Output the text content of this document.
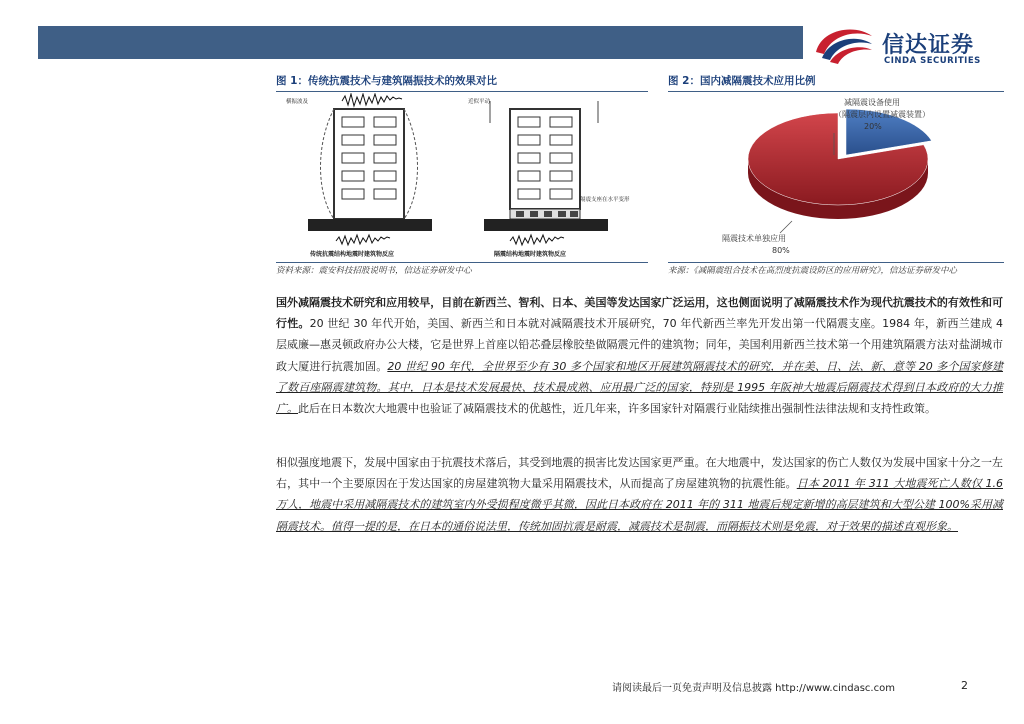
信达证券
CINDA SECURITIES
图 1：传统抗震技术与建筑隔振技术的效果对比
横振波及
传统抗震结构地震时建筑物反应
近似平动
隔震支座在水平变形
隔震结构地震时建筑物反应
资料来源：震安科技招股说明书，信达证券研发中心
图 2：国内减隔震技术应用比例
减隔震设备使用
（隔震层内设置减震装置）
20%
隔震技术单独应用
80%
来源：《减隔震组合技术在高烈度抗震设防区的应用研究》，信达证券研发中心
国外减隔震技术研究和应用较早，目前在新西兰、智利、日本、美国等发达国家广泛运用，这也侧面说明了减隔震技术作为现代抗震技术的有效性和可行性。20 世纪 30 年代开始，美国、新西兰和日本就对减隔震技术开展研究，70 年代新西兰率先开发出第一代隔震支座。1984 年，新西兰建成 4 层威廉—惠灵顿政府办公大楼，它是世界上首座以铅芯叠层橡胶垫做隔震元件的建筑物；同年，美国利用新西兰技术第一个用建筑隔震方法对盐湖城市政大厦进行抗震加固。20 世纪 90 年代，全世界至少有 30 多个国家和地区开展建筑隔震技术的研究，并在美、日、法、新、意等 20 多个国家修建了数百座隔震建筑物。其中，日本是技术发展最快、技术最成熟、应用最广泛的国家，特别是 1995 年阪神大地震后隔震技术得到日本政府的大力推广。此后在日本数次大地震中也验证了减隔震技术的优越性，近几年来，许多国家针对隔震行业陆续推出强制性法律法规和支持性政策。
相似强度地震下，发展中国家由于抗震技术落后，其受到地震的损害比发达国家更严重。在大地震中，发达国家的伤亡人数仅为发展中国家十分之一左右，其中一个主要原因在于发达国家的房屋建筑物大量采用隔震技术，从而提高了房屋建筑物的抗震性能。日本 2011 年 311 大地震死亡人数仅 1.6 万人，地震中采用减隔震技术的建筑室内外受损程度微乎其微，因此日本政府在 2011 年的 311 地震后规定新增的高层建筑和大型公建 100%采用减隔震技术。值得一提的是，在日本的通俗说法里，传统加固抗震是耐震，减震技术是制震，而隔振技术则是免震，对于效果的描述直观形象。
请阅读最后一页免责声明及信息披露 http://www.cindasc.com	2
